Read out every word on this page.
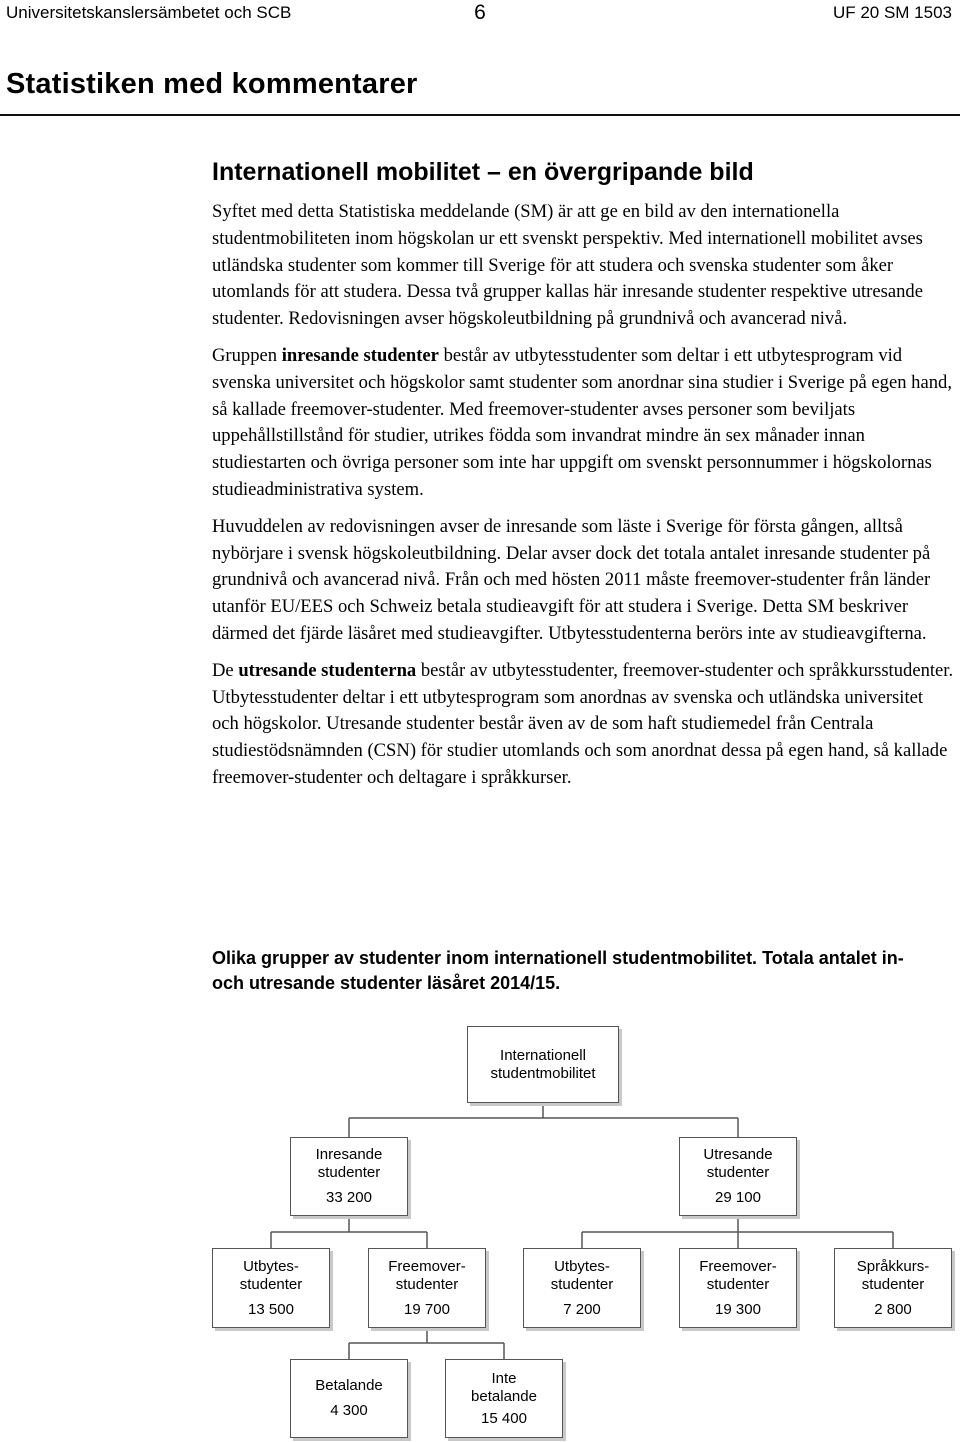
Universitetskanslersämbetet och SCB	6	UF 20 SM 1503
Statistiken med kommentarer
Internationell mobilitet – en övergripande bild

Syftet med detta Statistiska meddelande (SM) är att ge en bild av den internationella studentmobiliteten inom högskolan ur ett svenskt perspektiv. Med internationell mobilitet avses utländska studenter som kommer till Sverige för att studera och svenska studenter som åker utomlands för att studera. Dessa två grupper kallas här inresande studenter respektive utresande studenter. Redovisningen avser högskoleutbildning på grundnivå och avancerad nivå.

Gruppen inresande studenter består av utbytesstudenter som deltar i ett utbytesprogram vid svenska universitet och högskolor samt studenter som anordnar sina studier i Sverige på egen hand, så kallade freemover-studenter. Med freemover-studenter avses personer som beviljats uppehållstillstånd för studier, utrikes födda som invandrat mindre än sex månader innan studiestarten och övriga personer som inte har uppgift om svenskt personnummer i högskolornas studieadministrativa system.

Huvuddelen av redovisningen avser de inresande som läste i Sverige för första gången, alltså nybörjare i svensk högskoleutbildning. Delar avser dock det totala antalet inresande studenter på grundnivå och avancerad nivå. Från och med hösten 2011 måste freemover-studenter från länder utanför EU/EES och Schweiz betala studieavgift för att studera i Sverige. Detta SM beskriver därmed det fjärde läsåret med studieavgifter. Utbytesstudenterna berörs inte av studieavgifterna.

De utresande studenterna består av utbytesstudenter, freemover-studenter och språkkursstudenter. Utbytesstudenter deltar i ett utbytesprogram som anordnas av svenska och utländska universitet och högskolor. Utresande studenter består även av de som haft studiemedel från Centrala studiestödsnämnden (CSN) för studier utomlands och som anordnat dessa på egen hand, så kallade freemover-studenter och deltagare i språkkurser.

Olika grupper av studenter inom internationell studentmobilitet. Totala antalet in- och utresande studenter läsåret 2014/15.
Internationell
studentmobilitet
Inresande
studenter
33 200
Utresande
studenter
29 100
Utbytes-
studenter
13 500
Freemover-
studenter
19 700
Utbytes-
studenter
7 200
Freemover-
studenter
19 300
Språkkurs-
studenter
2 800
Betalande
4 300
Inte
betalande
15 400
